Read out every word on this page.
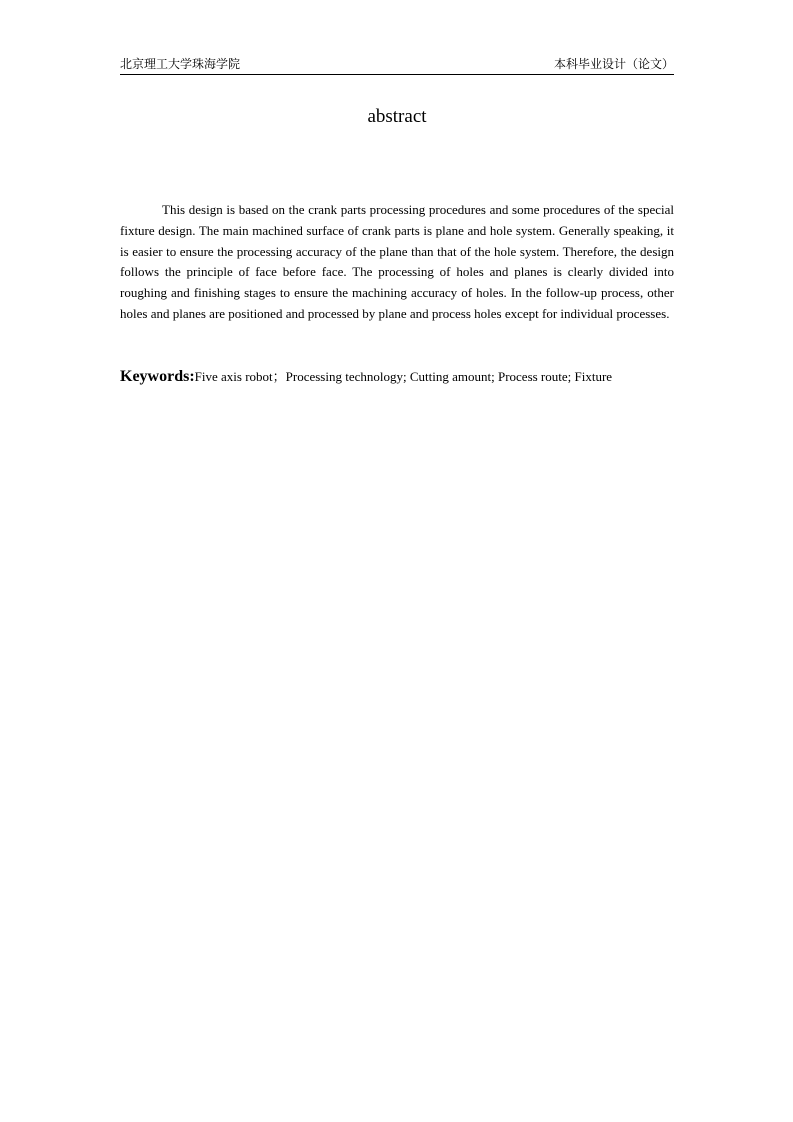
北京理工大学珠海学院	本科毕业设计（论文）
abstract

This design is based on the crank parts processing procedures and some procedures of the special fixture design. The main machined surface of crank parts is plane and hole system. Generally speaking, it is easier to ensure the processing accuracy of the plane than that of the hole system. Therefore, the design follows the principle of face before face. The processing of holes and planes is clearly divided into roughing and finishing stages to ensure the machining accuracy of holes. In the follow-up process, other holes and planes are positioned and processed by plane and process holes except for individual processes.

Keywords:Five axis robot；Processing technology; Cutting amount; Process route; Fixture
